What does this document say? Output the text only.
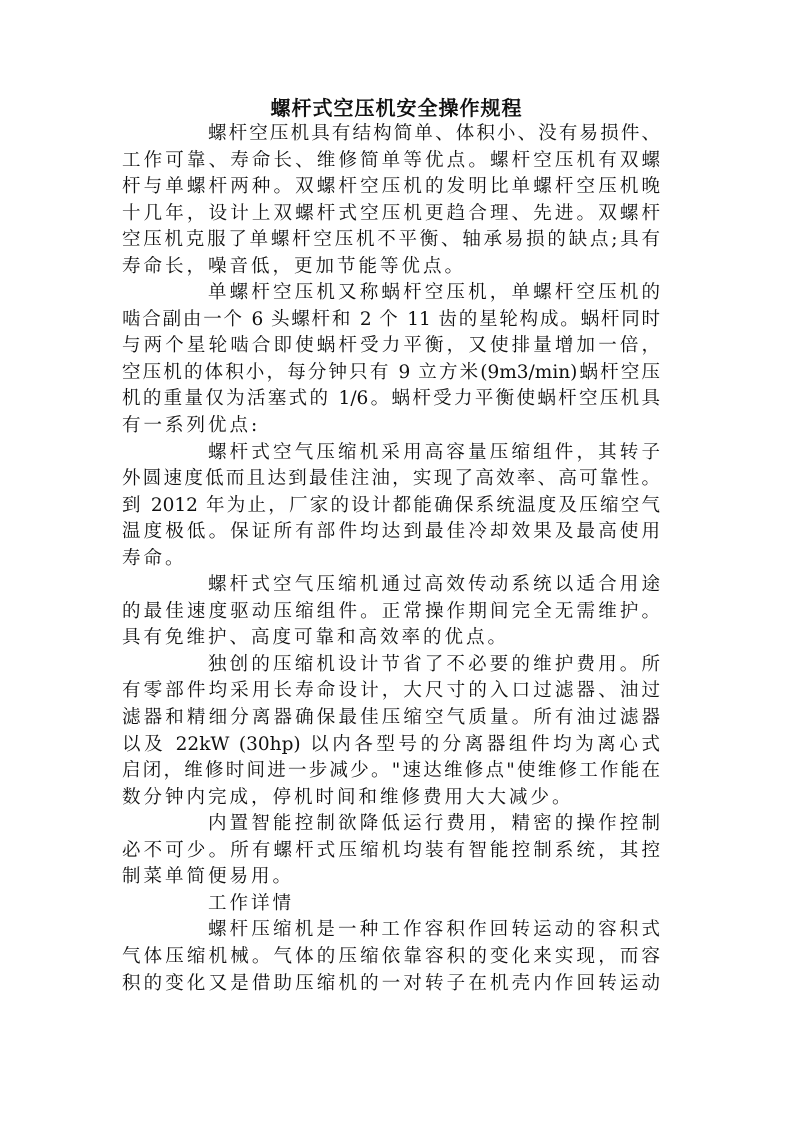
螺杆式空压机安全操作规程
螺杆空压机具有结构简单、体积小、没有易损件、
工作可靠、寿命长、维修简单等优点。螺杆空压机有双螺
杆与单螺杆两种。双螺杆空压机的发明比单螺杆空压机晚
十几年，设计上双螺杆式空压机更趋合理、先进。双螺杆
空压机克服了单螺杆空压机不平衡、轴承易损的缺点;具有
寿命长，噪音低，更加节能等优点。
单螺杆空压机又称蜗杆空压机，单螺杆空压机的
啮合副由一个 6 头螺杆和 2 个 11 齿的星轮构成。蜗杆同时
与两个星轮啮合即使蜗杆受力平衡，又使排量增加一倍，
空压机的体积小，每分钟只有 9 立方米(9m3/min)蜗杆空压
机的重量仅为活塞式的 1/6。蜗杆受力平衡使蜗杆空压机具
有一系列优点:
螺杆式空气压缩机采用高容量压缩组件，其转子
外圆速度低而且达到最佳注油，实现了高效率、高可靠性。
到 2012 年为止，厂家的设计都能确保系统温度及压缩空气
温度极低。保证所有部件均达到最佳冷却效果及最高使用
寿命。
螺杆式空气压缩机通过高效传动系统以适合用途
的最佳速度驱动压缩组件。正常操作期间完全无需维护。
具有免维护、高度可靠和高效率的优点。
独创的压缩机设计节省了不必要的维护费用。所
有零部件均采用长寿命设计，大尺寸的入口过滤器、油过
滤器和精细分离器确保最佳压缩空气质量。所有油过滤器
以及 22kW (30hp) 以内各型号的分离器组件均为离心式
启闭，维修时间进一步减少。"速达维修点"使维修工作能在
数分钟内完成，停机时间和维修费用大大减少。
内置智能控制欲降低运行费用，精密的操作控制
必不可少。所有螺杆式压缩机均装有智能控制系统，其控
制菜单简便易用。
工作详情
螺杆压缩机是一种工作容积作回转运动的容积式
气体压缩机械。气体的压缩依靠容积的变化来实现，而容
积的变化又是借助压缩机的一对转子在机壳内作回转运动
